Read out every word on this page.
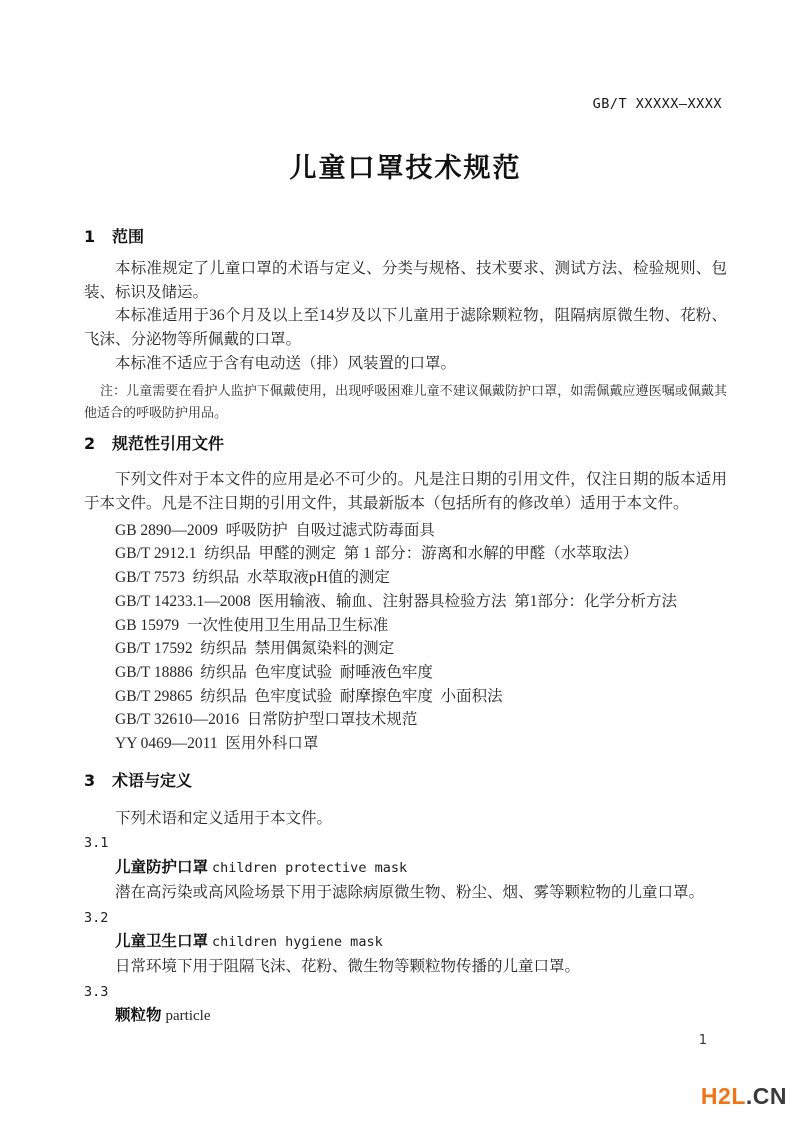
GB/T XXXXX—XXXX
儿童口罩技术规范
1 范围
本标准规定了儿童口罩的术语与定义、分类与规格、技术要求、测试方法、检验规则、包装、标识及储运。
本标准适用于36个月及以上至14岁及以下儿童用于滤除颗粒物，阻隔病原微生物、花粉、飞沫、分泌物等所佩戴的口罩。
本标准不适应于含有电动送（排）风装置的口罩。
注：儿童需要在看护人监护下佩戴使用，出现呼吸困难儿童不建议佩戴防护口罩，如需佩戴应遵医嘱或佩戴其他适合的呼吸防护用品。
2 规范性引用文件
下列文件对于本文件的应用是必不可少的。凡是注日期的引用文件，仅注日期的版本适用于本文件。凡是不注日期的引用文件，其最新版本（包括所有的修改单）适用于本文件。
GB 2890—2009  呼吸防护  自吸过滤式防毒面具
GB/T 2912.1  纺织品  甲醛的测定  第 1 部分：游离和水解的甲醛（水萃取法）
GB/T 7573  纺织品  水萃取液pH值的测定
GB/T 14233.1—2008  医用输液、输血、注射器具检验方法  第1部分：化学分析方法
GB 15979  一次性使用卫生用品卫生标准
GB/T 17592  纺织品  禁用偶氮染料的测定
GB/T 18886  纺织品  色牢度试验  耐唾液色牢度
GB/T 29865  纺织品  色牢度试验  耐摩擦色牢度  小面积法
GB/T 32610—2016  日常防护型口罩技术规范
YY 0469—2011  医用外科口罩
3 术语与定义
下列术语和定义适用于本文件。
3.1
儿童防护口罩 children protective mask
潜在高污染或高风险场景下用于滤除病原微生物、粉尘、烟、雾等颗粒物的儿童口罩。
3.2
儿童卫生口罩 children hygiene mask
日常环境下用于阻隔飞沫、花粉、微生物等颗粒物传播的儿童口罩。
3.3
颗粒物 particle
1
H2L.CN
